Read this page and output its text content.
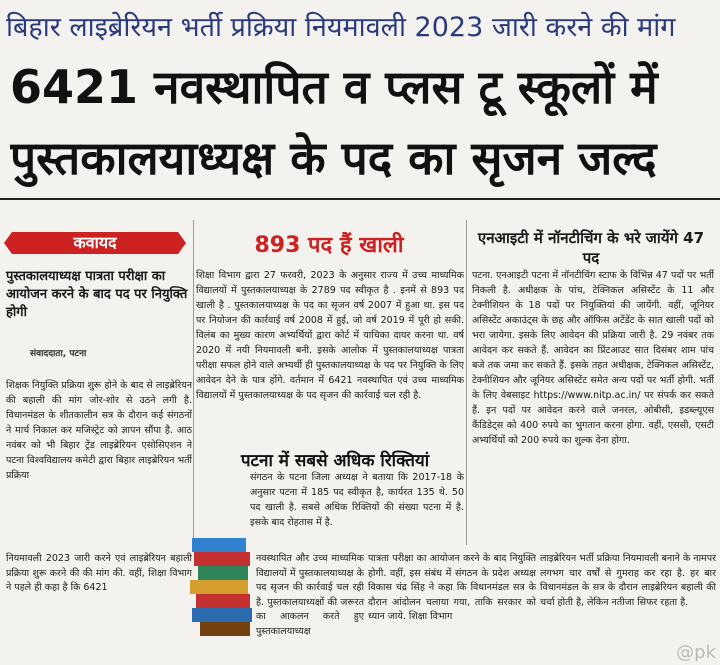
बिहार लाइब्रेरियन भर्ती प्रक्रिया नियमावली 2023 जारी करने की मांग
6421 नवस्थापित व प्लस टू स्कूलों में
पुस्तकालयाध्यक्ष के पद का सृजन जल्द
कवायद
पुस्तकालयाध्यक्ष पात्रता परीक्षा का आयोजन करने के बाद पद पर नियुक्ति होगी
संवाददाता, पटना
शिक्षक नियुक्ति प्रक्रिया शुरू होने के बाद से लाइब्रेरियन की बहाली की मांग जोर-शोर से उठने लगी है. विधानमंडल के शीतकालीन सत्र के दौरान कई संगठनों ने मार्च निकाल कर मजिस्ट्रेट को ज्ञापन सौंपा है. आठ नवंबर को भी बिहार ट्रेंड लाइब्रेरियन एसोसिएशन ने पटना विश्वविद्यालय कमेटी द्वारा बिहार लाइब्रेरियन भर्ती प्रक्रिया
893 पद हैं खाली
शिक्षा विभाग द्वारा 27 फरवरी, 2023 के अनुसार राज्य में उच्च माध्यमिक विद्यालयों में पुस्तकालयाध्यक्ष के 2789 पद स्वीकृत है . इनमें से 893 पद खाली है . पुस्तकालयाध्यक्ष के पद का सृजन वर्ष 2007 में हुआ था. इस पद पर नियोजन की कार्रवाई वर्ष 2008 में हुई, जो वर्ष 2019 में पूरी हो सकी. विलंब का मुख्य कारण अभ्यर्थियों द्वारा कोर्ट में याचिका दायर करना था. वर्ष 2020 में नयी नियमावली बनी. इसके आलोक में पुस्तकालयाध्यक्ष पात्रता परीक्षा सफल होने वाले अभ्यर्थी ही पुस्तकालयाध्यक्ष के पद पर नियुक्ति के लिए आवेदन देने के पात्र होंगे. वर्तमान में 6421 नवस्थापित एवं उच्च माध्यमिक विद्यालयों में पुस्तकालयाध्यक्ष के पद सृजन की कार्रवाई चल रही है.
पटना में सबसे अधिक रिक्तियां
संगठन के पटना जिला अध्यक्ष ने बताया कि 2017-18 के अनुसार पटना में 185 पद स्वीकृत है, कार्यरत 135 थे. 50 पद खाली है. सबसे अधिक रिक्तियों की संख्या पटना में है. इसके बाद रोहतास में है.
एनआइटी में नॉनटीचिंग के भरे जायेंगे 47 पद
पटना. एनआइटी पटना में नॉनटीचिंग स्टाफ के विभिन्न 47 पदों पर भर्ती निकली है. अधीक्षक के पांच, टेक्निकल असिस्टेंट के 11 और टेक्नीशियन के 18 पदों पर नियुक्तियां की जायेंगी. वहीं, जूनियर असिस्टेंट अकाउंट्स के छह और ऑफिस अटेंडेंट के सात खाली पदों को भरा जायेगा. इसके लिए आवेदन की प्रक्रिया जारी है. 29 नवंबर तक आवेदन कर सकते हैं. आवेदन का प्रिंटआउट सात दिसंबर शाम पांच बजे तक जमा कर सकते हैं. इसके तहत अधीक्षक, टेक्निकल असिस्टेंट, टेक्नीशियन और जूनियर असिस्टेंट समेत अन्य पदों पर भर्ती होगी. भर्ती के लिए वेबसाइट https://www.nitp.ac.in/ पर संपर्क कर सकते हैं. इन पदों पर आवेदन करने वाले जनरल, ओबीसी, इडब्ल्यूएस कैंडिडेट्स को 400 रुपये का भुगतान करना होगा. वहीं, एससी, एसटी अभ्यर्थियों को 200 रुपये का शुल्क देना होगा.
नियमावली 2023 जारी करने एवं लाइब्रेरियन बहाली प्रक्रिया शुरू करने की की मांग की. वहीं, शिक्षा विभाग ने पहले ही कहा है कि 6421
नवस्थापित और उच्च माध्यमिक विद्यालयों में पुस्तकालयाध्यक्ष के पद सृजन की कार्रवाई चल रही है. पुस्तकालयाध्यक्षों की जरूरत का आकलन करते हुए पुस्तकालयाध्यक्ष
पात्रता परीक्षा का आयोजन करने के बाद नियुक्ति होगी. वहीं, इस संबंध में संगठन के प्रदेश अध्यक्ष विकास चंद्र सिंह ने कहा कि विधानमंडल सत्र के दौरान आंदोलन चलाया गया, ताकि सरकार को ध्यान जाये. शिक्षा विभाग
लाइब्रेरियन भर्ती प्रक्रिया नियमावली बनाने के नामपर लगभग चार वर्षों से गुमराह कर रहा है. हर बार विधानमंडल के सत्र के दौरान लाइब्रेरियन बहाली की चर्चा होती है, लेकिन नतीजा सिफर रहता है.
@pk
